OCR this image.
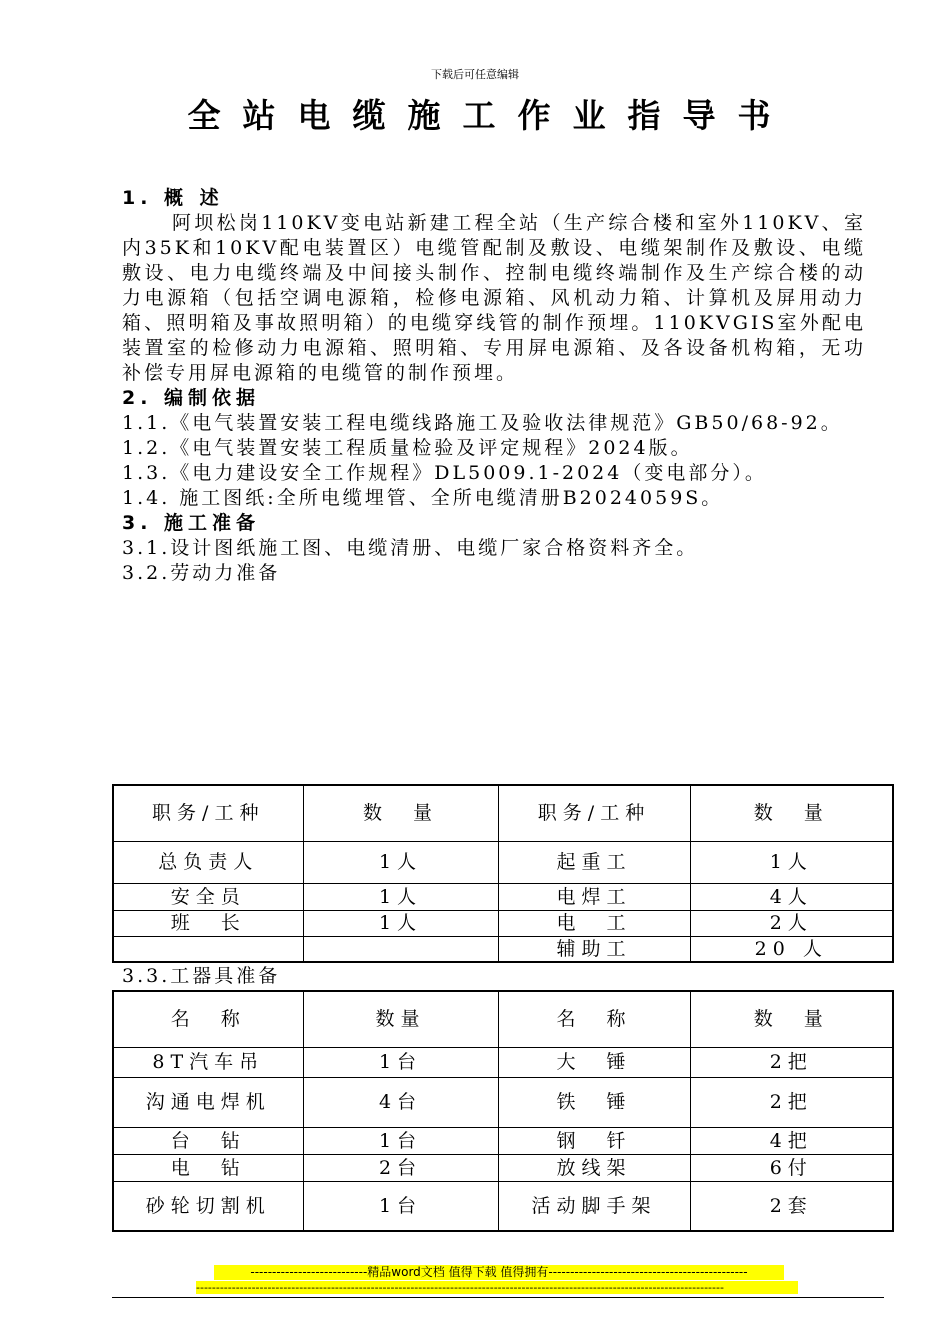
下载后可任意编辑
全站电缆施工作业指导书

1. 概 述

阿坝松岗110KV变电站新建工程全站（生产综合楼和室外110KV、室内35K和10KV配电装置区）电缆管配制及敷设、电缆架制作及敷设、电缆敷设、电力电缆终端及中间接头制作、控制电缆终端制作及生产综合楼的动力电源箱（包括空调电源箱，检修电源箱、风机动力箱、计算机及屏用动力箱、照明箱及事故照明箱）的电缆穿线管的制作预埋。110KVGIS室外配电装置室的检修动力电源箱、照明箱、专用屏电源箱、及各设备机构箱，无功补偿专用屏电源箱的电缆管的制作预埋。

2. 编制依据

1.1.《电气装置安装工程电缆线路施工及验收法律规范》GB50/68-92。

1.2.《电气装置安装工程质量检验及评定规程》2024版。

1.3.《电力建设安全工作规程》DL5009.1-2024（变电部分）。

1.4. 施工图纸:全所电缆埋管、全所电缆清册B2024059S。

3. 施工准备

3.1.设计图纸施工图、电缆清册、电缆厂家合格资料齐全。

3.2.劳动力准备

职务/工种	数　量	职务/工种	数　量
总负责人	1人	起重工	1人
安全员	1人	电焊工	4人
班　长	1人	电　工	2人
		辅助工	20 人
3.3.工器具准备
名　称	数量	名　称	数　量
8T汽车吊	1台	大　锤	2把
沟通电焊机	4台	铁　锤	2把
台　钻	1台	钢　钎	4把
电　钻	2台	放线架	6付
砂轮切割机	1台	活动脚手架	2套
---------------------------精品word文档 值得下载 值得拥有----------------------------------------------
-------------------------------------------------------------------------------------------------------------------------------------
